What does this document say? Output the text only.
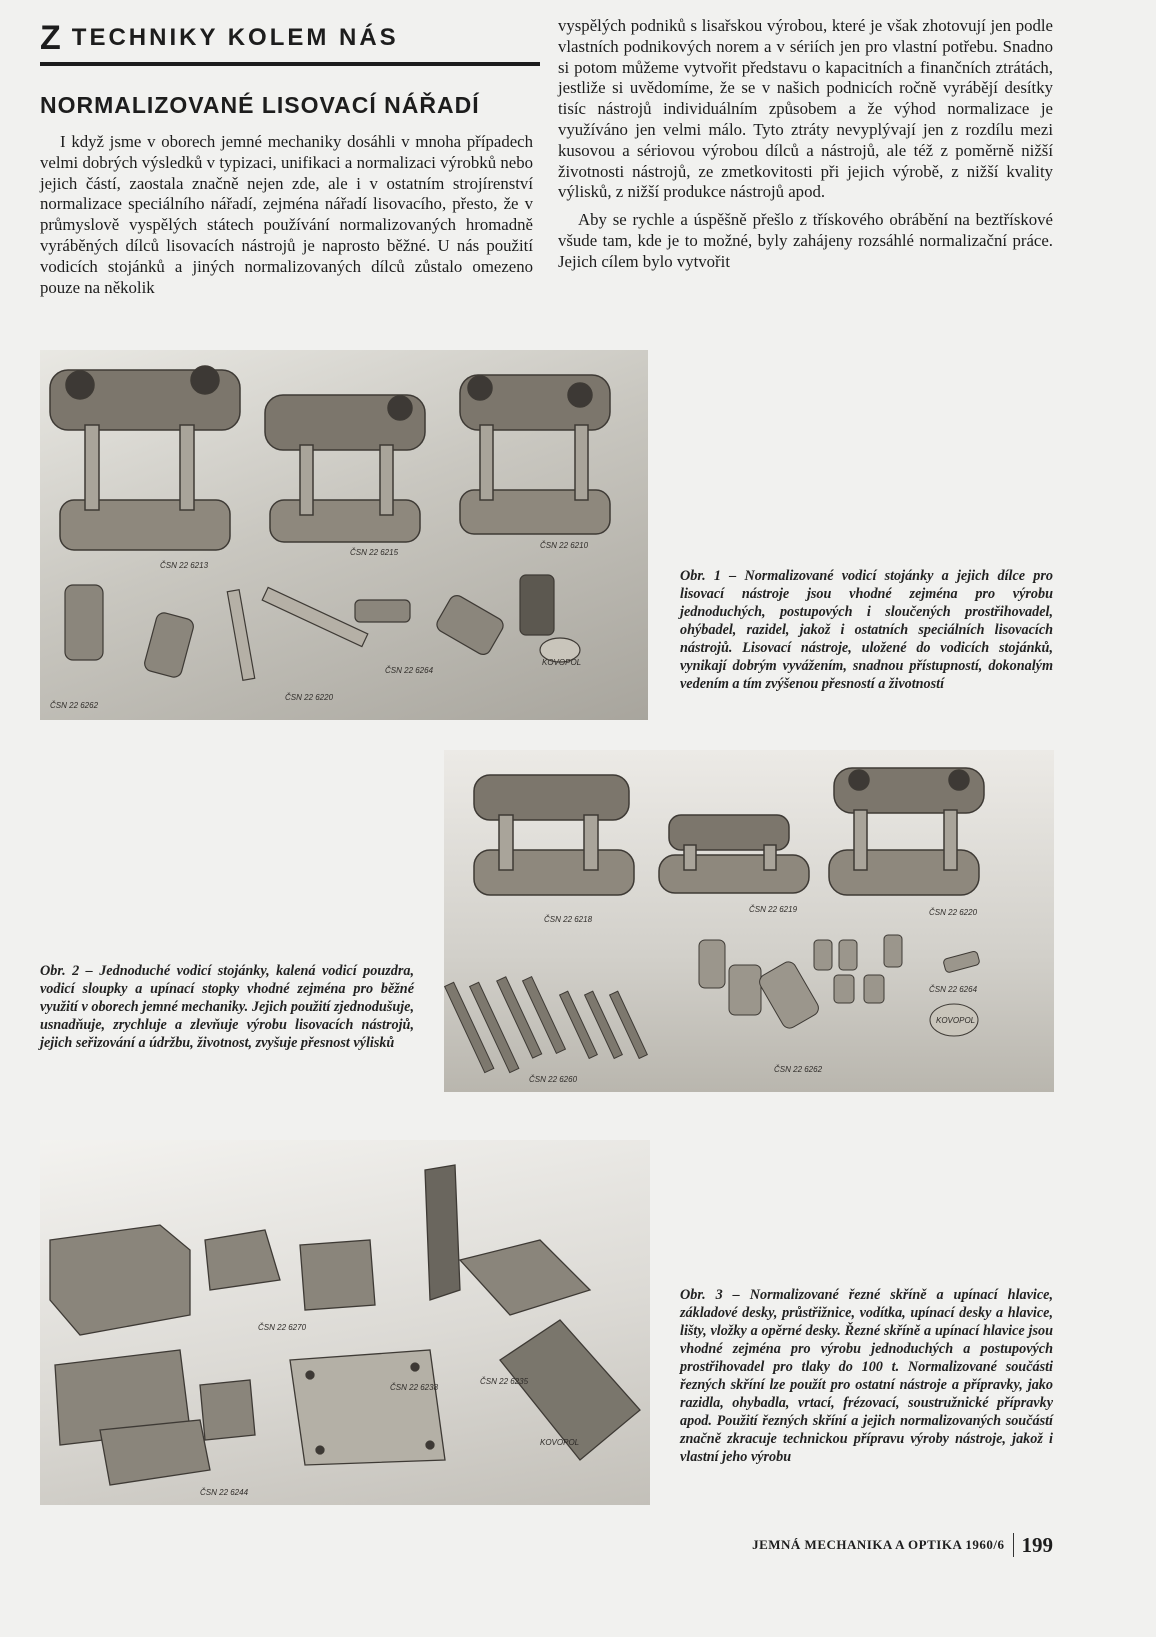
Z TECHNIKY KOLEM NÁS
NORMALIZOVANÉ LISOVACÍ NÁŘADÍ

I když jsme v oborech jemné mechaniky dosáhli v mnoha případech velmi dobrých výsledků v typizaci, unifikaci a normalizaci výrobků nebo jejich částí, zaostala značně nejen zde, ale i v ostatním strojírenství normalizace speciálního nářadí, zejména nářadí lisovacího, přesto, že v průmyslově vyspělých státech používání normalizovaných hromadně vyráběných dílců lisovacích nástrojů je naprosto běžné. U nás použití vodicích stojánků a jiných normalizovaných dílců zůstalo omezeno pouze na několik

vyspělých podniků s lisařskou výrobou, které je však zhotovují jen podle vlastních podnikových norem a v sériích jen pro vlastní potřebu. Snadno si potom můžeme vytvořit představu o kapacitních a finančních ztrátách, jestliže si uvědomíme, že se v našich podnicích ročně vyrábějí desítky tisíc nástrojů individuálním způsobem a že výhod normalizace je využíváno jen velmi málo. Tyto ztráty nevyplývají jen z rozdílu mezi kusovou a sériovou výrobou dílců a nástrojů, ale též z poměrně nižší životnosti nástrojů, ze zmetkovitosti při jejich výrobě, z nižší kvality výlisků, z nižší produkce nástrojů apod.

Aby se rychle a úspěšně přešlo z třískového obrábění na beztřískové všude tam, kde je to možné, byly zahájeny rozsáhlé normalizační práce. Jejich cílem bylo vytvořit

ČSN 22 6213
ČSN 22 6215
ČSN 22 6210
ČSN 22 6262
ČSN 22 6220
ČSN 22 6264
KOVOPOL
Obr. 1 – Normalizované vodicí stojánky a jejich dílce pro lisovací nástroje jsou vhodné zejména pro výrobu jednoduchých, postupových i sloučených prostřihovadel, ohýbadel, razidel, jakož i ostatních speciálních lisovacích nástrojů. Lisovací nástroje, uložené do vodicích stojánků, vynikají dobrým vyvážením, snadnou přístupností, dokonalým vedením a tím zvýšenou přesností a životností
ČSN 22 6218
ČSN 22 6219	ČSN 22 6220
ČSN 22 6264
ČSN 22 6260
ČSN 22 6262
KOVOPOL
Obr. 2 – Jednoduché vodicí stojánky, kalená vodicí pouzdra, vodicí sloupky a upínací stopky vhodné zejména pro běžné využití v oborech jemné mechaniky. Jejich použití zjednodušuje, usnadňuje, zrychluje a zlevňuje výrobu lisovacích nástrojů, jejich seřizování a údržbu, životnost, zvyšuje přesnost výlisků
ČSN 22 6270
ČSN 22 6238
ČSN 22 6244
ČSN 22 6235
KOVOPOL
Obr. 3 – Normalizované řezné skříně a upínací hlavice, základové desky, průstřižnice, vodítka, upínací desky a hlavice, lišty, vložky a opěrné desky. Řezné skříně a upínací hlavice jsou vhodné zejména pro výrobu jednoduchých a postupových prostřihovadel pro tlaky do 100 t. Normalizované součásti řezných skříní lze použít pro ostatní nástroje a přípravky, jako razidla, ohybadla, vrtací, frézovací, soustružnické přípravky apod. Použití řezných skříní a jejich normalizovaných součástí značně zkracuje technickou přípravu výroby nástroje, jakož i vlastní jeho výrobu
JEMNÁ MECHANIKA A OPTIKA 1960/6 199
